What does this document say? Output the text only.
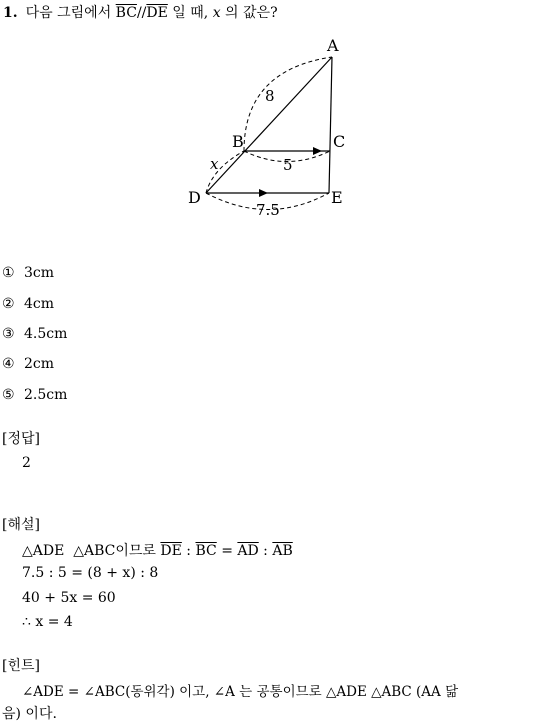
1. 다음 그림에서 $\overline{BC}//\overline{DE}$ 일 때, x 의 값은?
A
B	C
D	E
8
x	5
7.5
① 3cm
② 4cm
③ 4.5cm
④ 2cm
⑤ 2.5cm
[정답]
2
[해설]
△ADE △ABC이므로 $\overline{DE}$ : $\overline{BC} = \overline{AD}$ : $\overline{AB}$
7.5 : 5 = (8 + x) : 8
40 + 5x = 60
∴ x = 4
[힌트]
∠ADE = ∠ABC(동위각) 이고, ∠A 는 공통이므로 △ADE △ABC (AA 닮
음) 이다.
